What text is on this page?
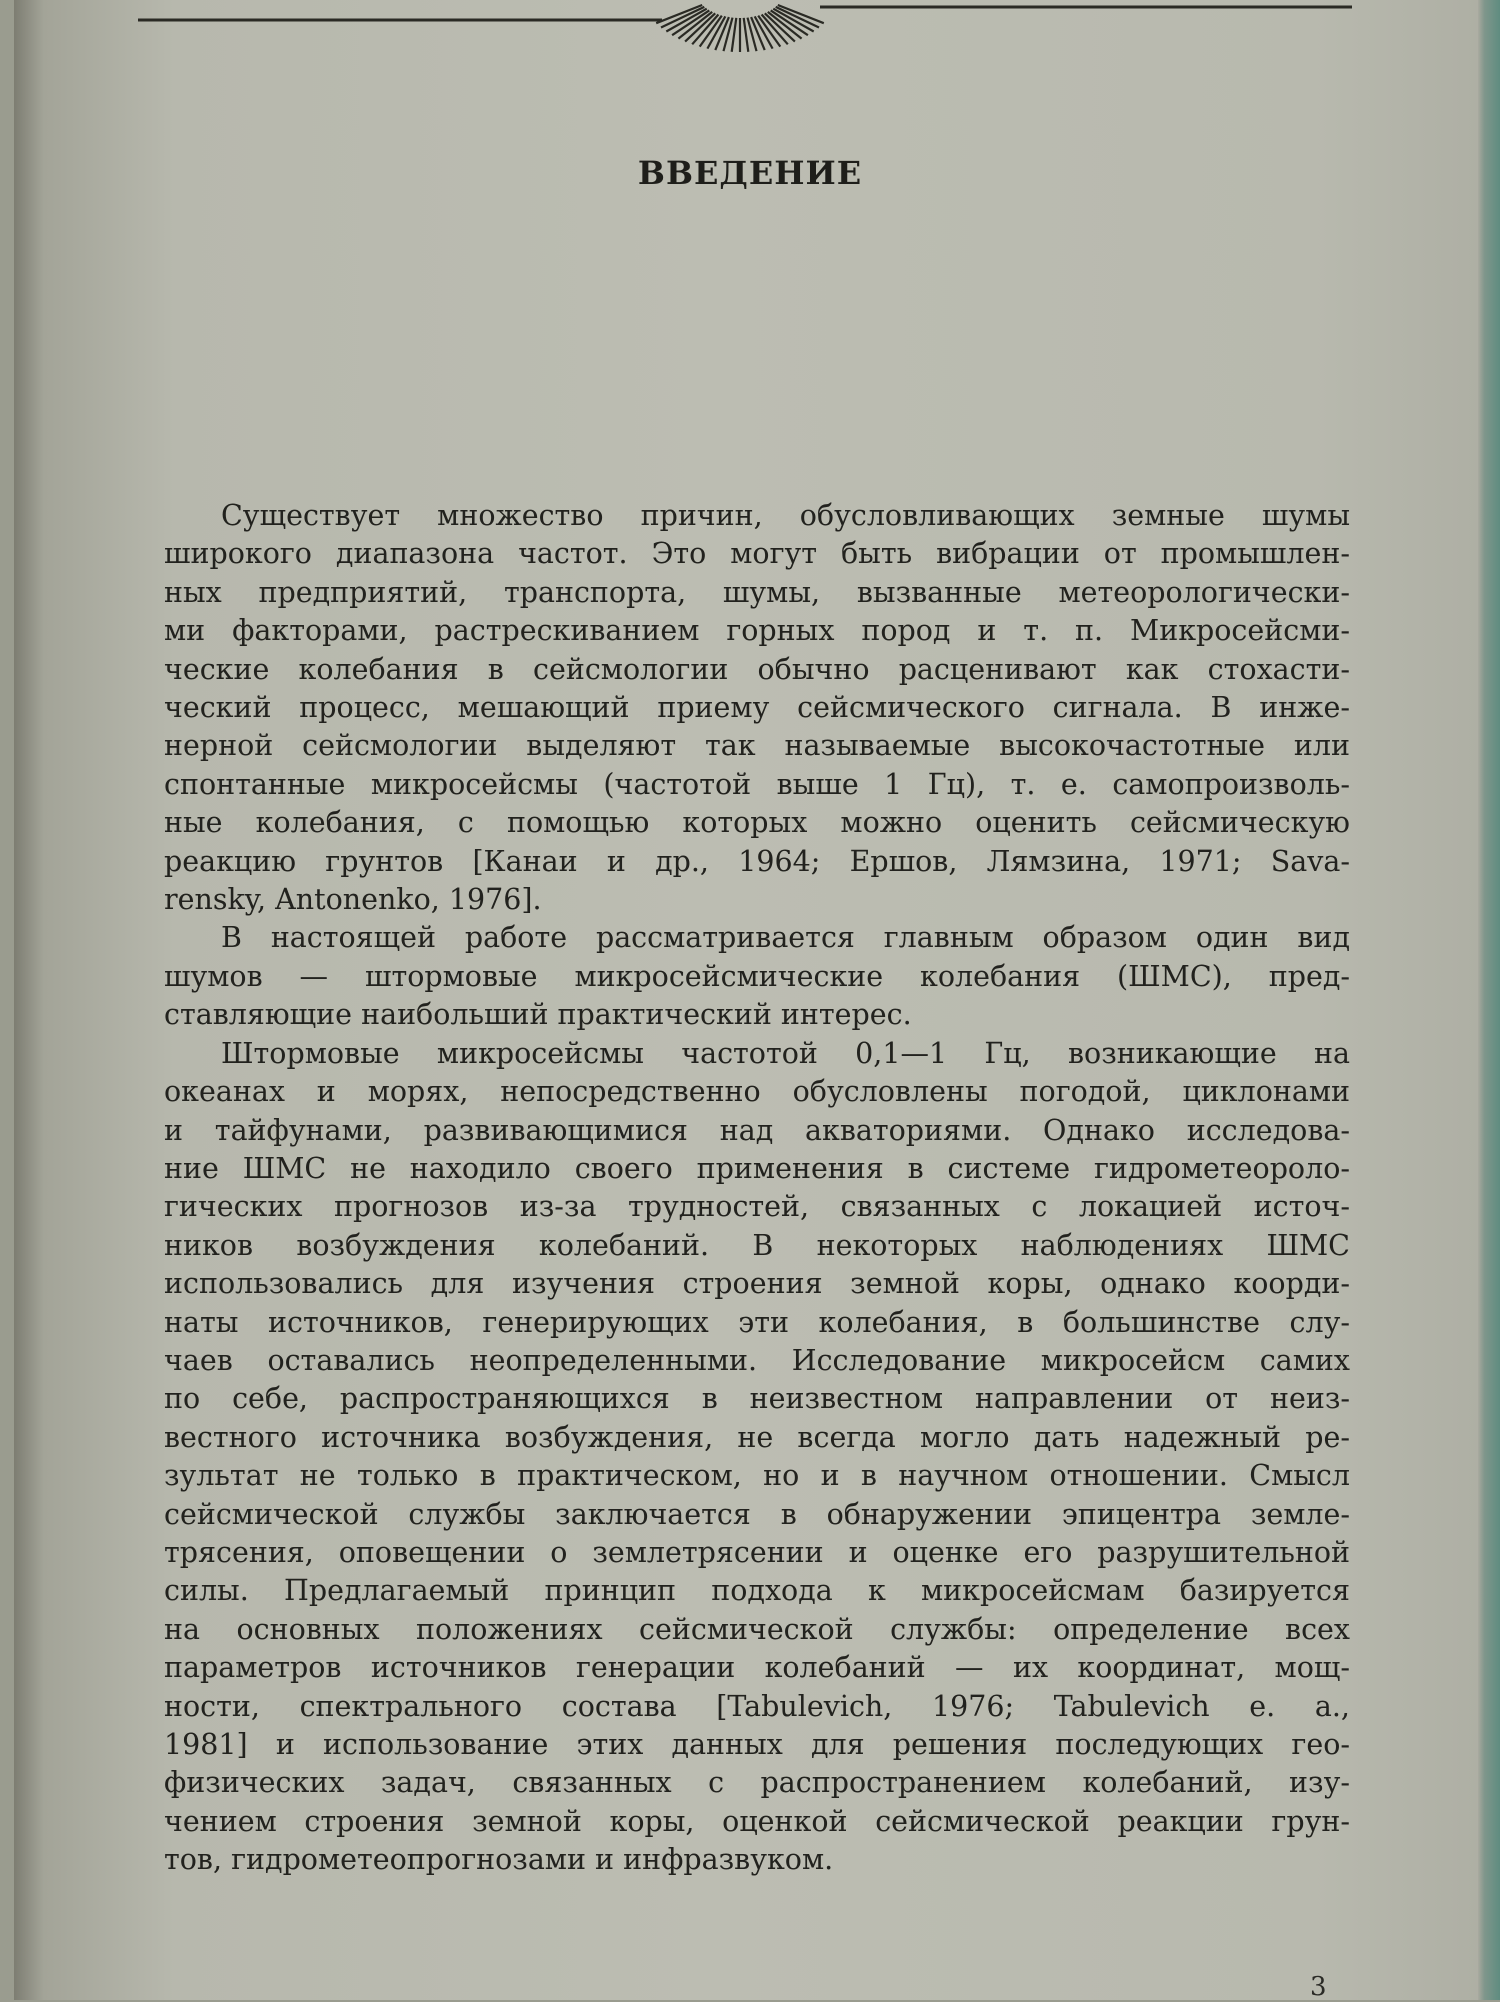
ВВЕДЕНИЕ
Существует множество причин, обусловливающих земные шумы
широкого диапазона частот. Это могут быть вибрации от промышлен-
ных предприятий, транспорта, шумы, вызванные метеорологически-
ми факторами, растрескиванием горных пород и т. п. Микросейсми-
ческие колебания в сейсмологии обычно расценивают как стохасти-
ческий процесс, мешающий приему сейсмического сигнала. В инже-
нерной сейсмологии выделяют так называемые высокочастотные или
спонтанные микросейсмы (частотой выше 1 Гц), т. е. самопроизволь-
ные колебания, с помощью которых можно оценить сейсмическую
реакцию грунтов [Канаи и др., 1964; Ершов, Лямзина, 1971; Sava-
rensky, Antonenko, 1976].
В настоящей работе рассматривается главным образом один вид
шумов — штормовые микросейсмические колебания (ШМС), пред-
ставляющие наибольший практический интерес.
Штормовые микросейсмы частотой 0,1—1 Гц, возникающие на
океанах и морях, непосредственно обусловлены погодой, циклонами
и тайфунами, развивающимися над акваториями. Однако исследова-
ние ШМС не находило своего применения в системе гидрометеороло-
гических прогнозов из-за трудностей, связанных с локацией источ-
ников возбуждения колебаний. В некоторых наблюдениях ШМС
использовались для изучения строения земной коры, однако коорди-
наты источников, генерирующих эти колебания, в большинстве слу-
чаев оставались неопределенными. Исследование микросейсм самих
по себе, распространяющихся в неизвестном направлении от неиз-
вестного источника возбуждения, не всегда могло дать надежный ре-
зультат не только в практическом, но и в научном отношении. Смысл
сейсмической службы заключается в обнаружении эпицентра земле-
трясения, оповещении о землетрясении и оценке его разрушительной
силы. Предлагаемый принцип подхода к микросейсмам базируется
на основных положениях сейсмической службы: определение всех
параметров источников генерации колебаний — их координат, мощ-
ности, спектрального состава [Tabulevich, 1976; Tabulevich e. a.,
1981] и использование этих данных для решения последующих гео-
физических задач, связанных с распространением колебаний, изу-
чением строения земной коры, оценкой сейсмической реакции грун-
тов, гидрометеопрогнозами и инфразвуком.
3
